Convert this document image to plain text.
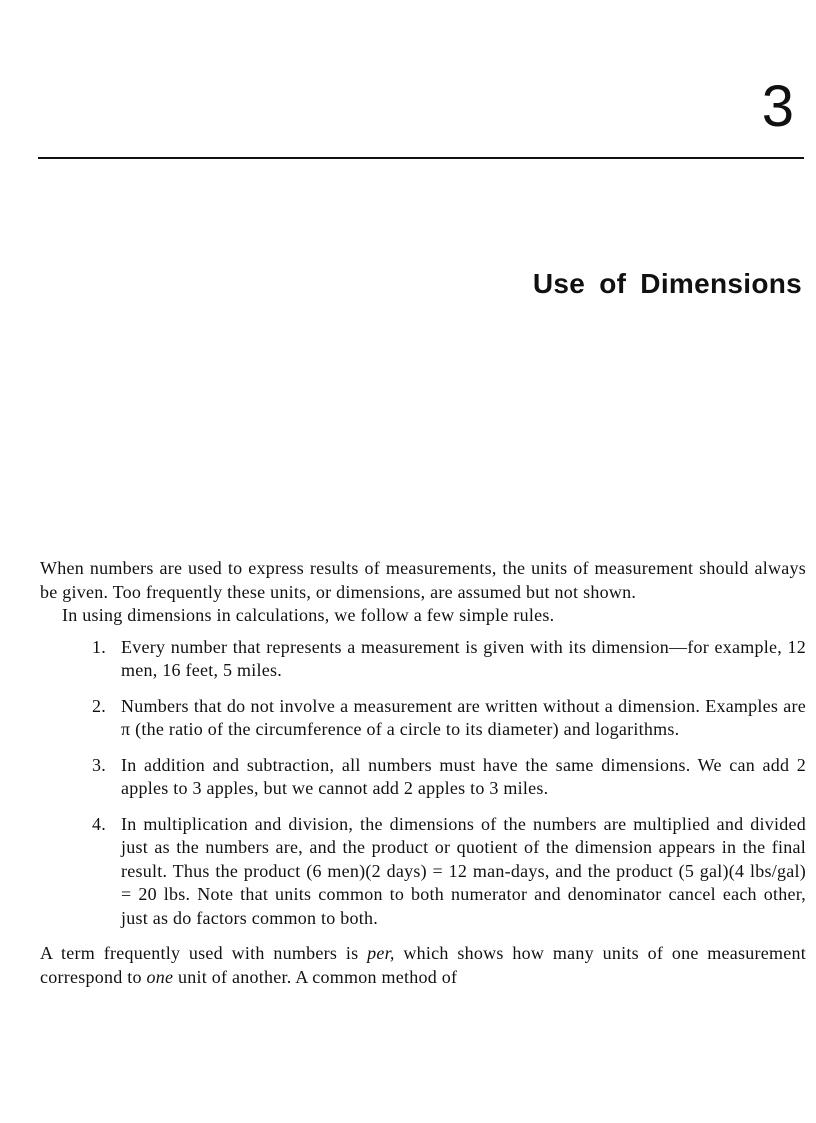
3
Use of Dimensions

When numbers are used to express results of measurements, the units of measurement should always be given. Too frequently these units, or dimensions, are assumed but not shown.

In using dimensions in calculations, we follow a few simple rules.

1. Every number that represents a measurement is given with its dimension—for example, 12 men, 16 feet, 5 miles.
2. Numbers that do not involve a measurement are written without a dimension. Examples are π (the ratio of the circumference of a circle to its diameter) and logarithms.
3. In addition and subtraction, all numbers must have the same dimensions. We can add 2 apples to 3 apples, but we cannot add 2 apples to 3 miles.
4. In multiplication and division, the dimensions of the numbers are multiplied and divided just as the numbers are, and the product or quotient of the dimension appears in the final result. Thus the product (6 men)(2 days) = 12 man-days, and the product (5 gal)(4 lbs/gal) = 20 lbs. Note that units common to both numerator and denominator cancel each other, just as do factors common to both.

A term frequently used with numbers is per, which shows how many units of one measurement correspond to one unit of another. A common method of
